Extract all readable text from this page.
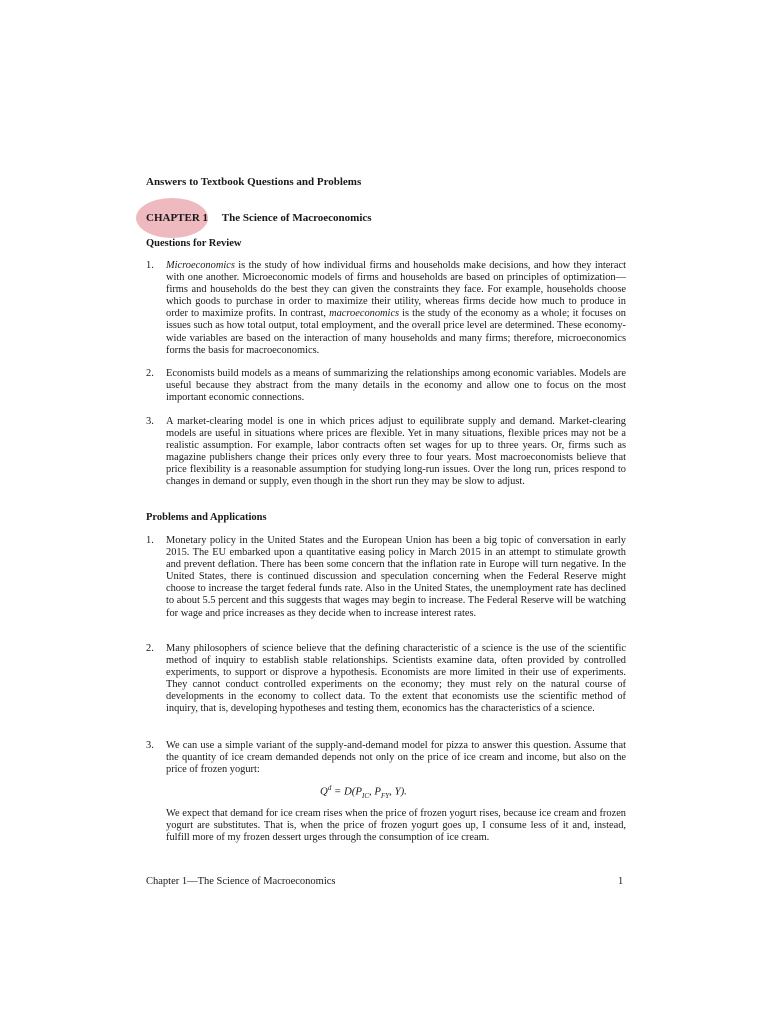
Answers to Textbook Questions and Problems
CHAPTER 1 The Science of Macroeconomics
Questions for Review
1.	Microeconomics is the study of how individual firms and households make decisions, and how they interact with one another. Microeconomic models of firms and households are based on principles of optimization—firms and households do the best they can given the constraints they face. For example, households choose which goods to purchase in order to maximize their utility, whereas firms decide how much to produce in order to maximize profits. In contrast, macroeconomics is the study of the economy as a whole; it focuses on issues such as how total output, total employment, and the overall price level are determined. These economy-wide variables are based on the interaction of many households and many firms; therefore, microeconomics forms the basis for macroeconomics.
2.	Economists build models as a means of summarizing the relationships among economic variables. Models are useful because they abstract from the many details in the economy and allow one to focus on the most important economic connections.
3.	A market-clearing model is one in which prices adjust to equilibrate supply and demand. Market-clearing models are useful in situations where prices are flexible. Yet in many situations, flexible prices may not be a realistic assumption. For example, labor contracts often set wages for up to three years. Or, firms such as magazine publishers change their prices only every three to four years. Most macroeconomists believe that price flexibility is a reasonable assumption for studying long-run issues. Over the long run, prices respond to changes in demand or supply, even though in the short run they may be slow to adjust.
Problems and Applications
1.	Monetary policy in the United States and the European Union has been a big topic of conversation in early 2015. The EU embarked upon a quantitative easing policy in March 2015 in an attempt to stimulate growth and prevent deflation. There has been some concern that the inflation rate in Europe will turn negative. In the United States, there is continued discussion and speculation concerning when the Federal Reserve might choose to increase the target federal funds rate. Also in the United States, the unemployment rate has declined to about 5.5 percent and this suggests that wages may begin to increase. The Federal Reserve will be watching for wage and price increases as they decide when to increase interest rates.
2.	Many philosophers of science believe that the defining characteristic of a science is the use of the scientific method of inquiry to establish stable relationships. Scientists examine data, often provided by controlled experiments, to support or disprove a hypothesis. Economists are more limited in their use of experiments. They cannot conduct controlled experiments on the economy; they must rely on the natural course of developments in the economy to collect data. To the extent that economists use the scientific method of inquiry, that is, developing hypotheses and testing them, economics has the characteristics of a science.
3.	We can use a simple variant of the supply-and-demand model for pizza to answer this question. Assume that the quantity of ice cream demanded depends not only on the price of ice cream and income, but also on the price of frozen yogurt:
$Q^d = D(P_{IC}$, $P_{FY}$, Y).
We expect that demand for ice cream rises when the price of frozen yogurt rises, because ice cream and frozen yogurt are substitutes. That is, when the price of frozen yogurt goes up, I consume less of it and, instead, fulfill more of my frozen dessert urges through the consumption of ice cream.
Chapter 1—The Science of Macroeconomics	1
